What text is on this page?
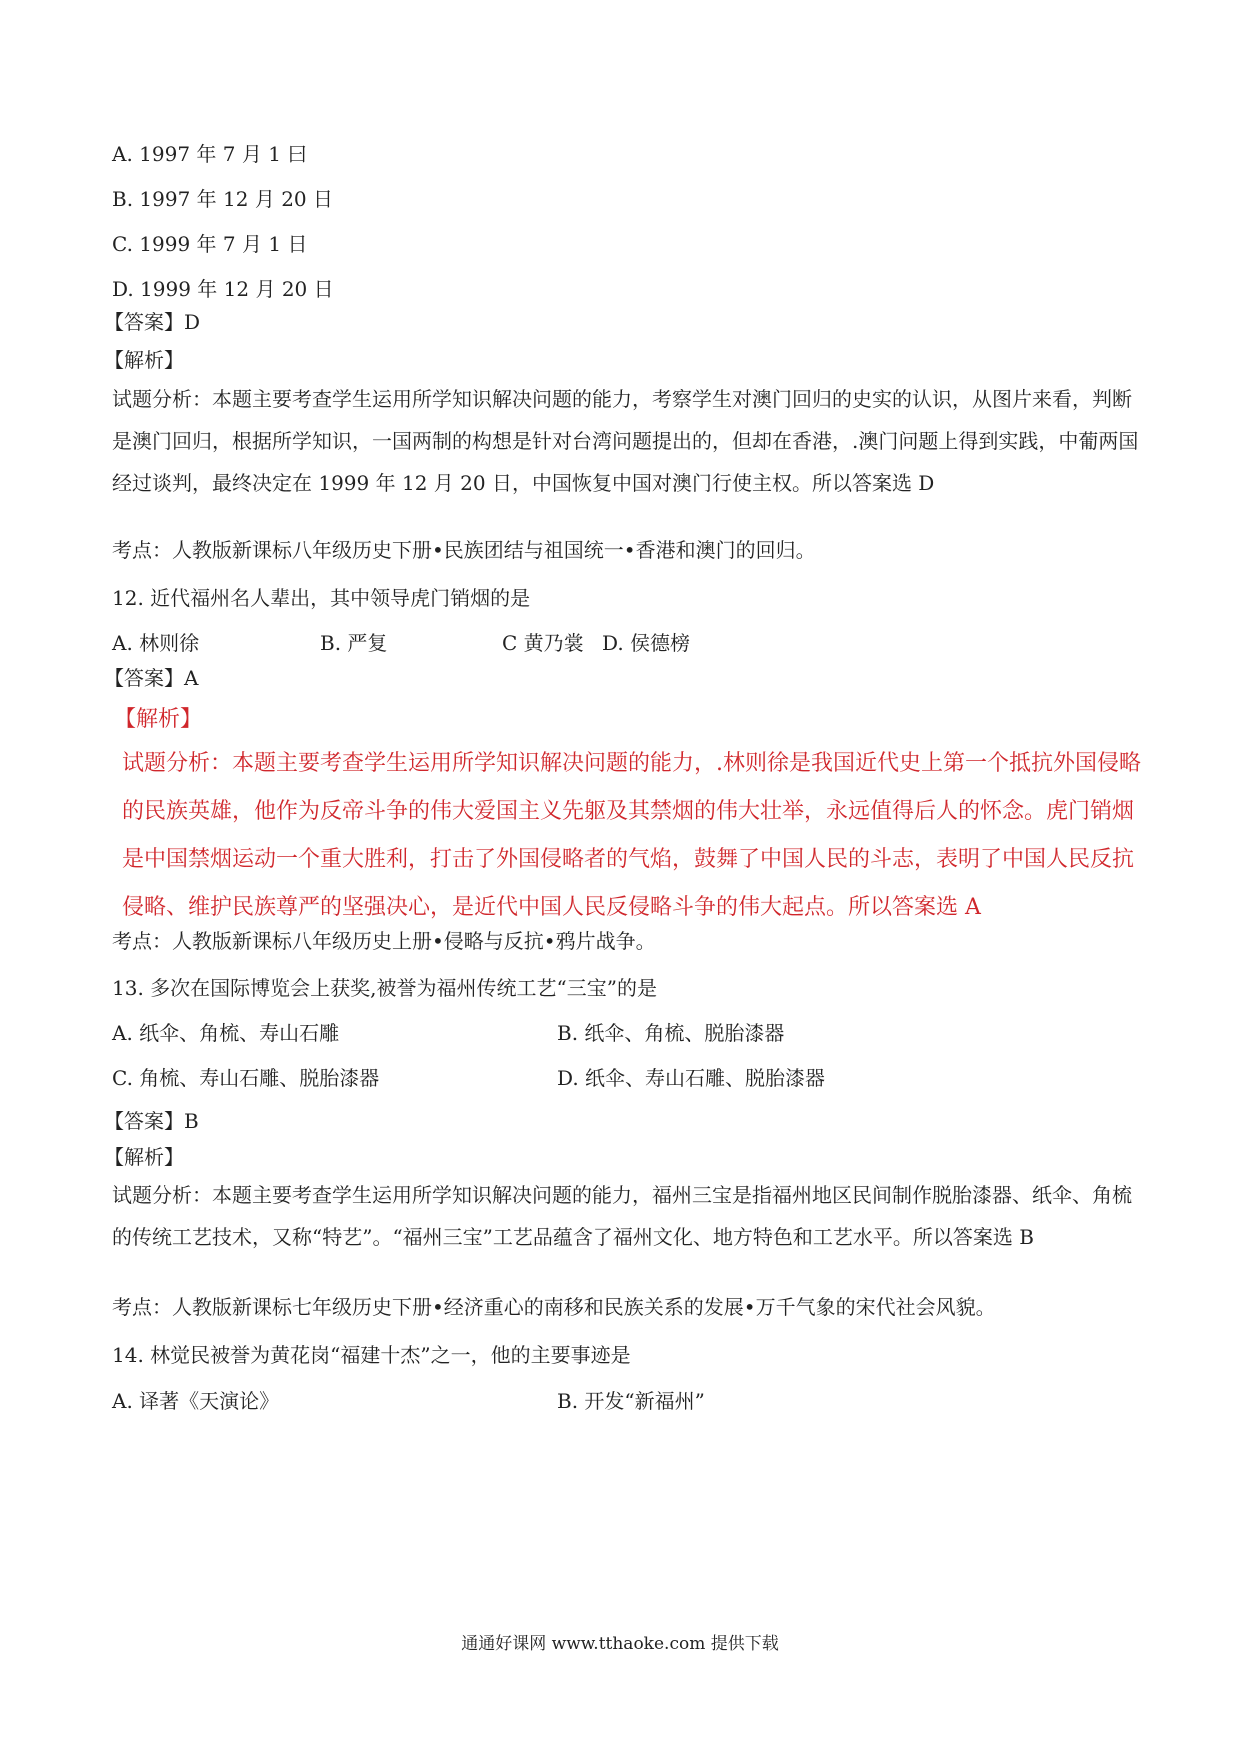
A. 1997 年 7 月 1 曰
B. 1997 年 12 月 20 日
C. 1999 年 7 月 1 日
D. 1999 年 12 月 20 日
【答案】D
【解析】
试题分析：本题主要考查学生运用所学知识解决问题的能力，考察学生对澳门回归的史实的认识，从图片来看，判断是澳门回归，根据所学知识，一国两制的构想是针对台湾问题提出的，但却在香港，.澳门问题上得到实践，中葡两国经过谈判，最终决定在 1999 年 12 月 20 日，中国恢复中国对澳门行使主权。所以答案选 D
考点：人教版新课标八年级历史下册•民族团结与祖国统一•香港和澳门的回归。
12. 近代福州名人辈出，其中领导虎门销烟的是
A. 林则徐	B. 严复	C 黄乃裳 D. 侯德榜
【答案】A
【解析】
试题分析：本题主要考查学生运用所学知识解决问题的能力，.林则徐是我国近代史上第一个抵抗外国侵略的民族英雄，他作为反帝斗争的伟大爱国主义先躯及其禁烟的伟大壮举，永远值得后人的怀念。虎门销烟是中国禁烟运动一个重大胜利，打击了外国侵略者的气焰，鼓舞了中国人民的斗志，表明了中国人民反抗侵略、维护民族尊严的坚强决心，是近代中国人民反侵略斗争的伟大起点。所以答案选 A
考点：人教版新课标八年级历史上册•侵略与反抗•鸦片战争。
13. 多次在国际博览会上获奖,被誉为福州传统工艺“三宝”的是
A. 纸伞、角梳、寿山石雕	B. 纸伞、角梳、脱胎漆器
C. 角梳、寿山石雕、脱胎漆器	D. 纸伞、寿山石雕、脱胎漆器
【答案】B
【解析】
试题分析：本题主要考查学生运用所学知识解决问题的能力，福州三宝是指福州地区民间制作脱胎漆器、纸伞、角梳的传统工艺技术，又称“特艺”。“福州三宝”工艺品蕴含了福州文化、地方特色和工艺水平。所以答案选 B
考点：人教版新课标七年级历史下册•经济重心的南移和民族关系的发展•万千气象的宋代社会风貌。
14. 林觉民被誉为黄花岗“福建十杰”之一，他的主要事迹是
A. 译著《天演论》	B. 开发“新福州”
通通好课网 www.tthaoke.com 提供下载
